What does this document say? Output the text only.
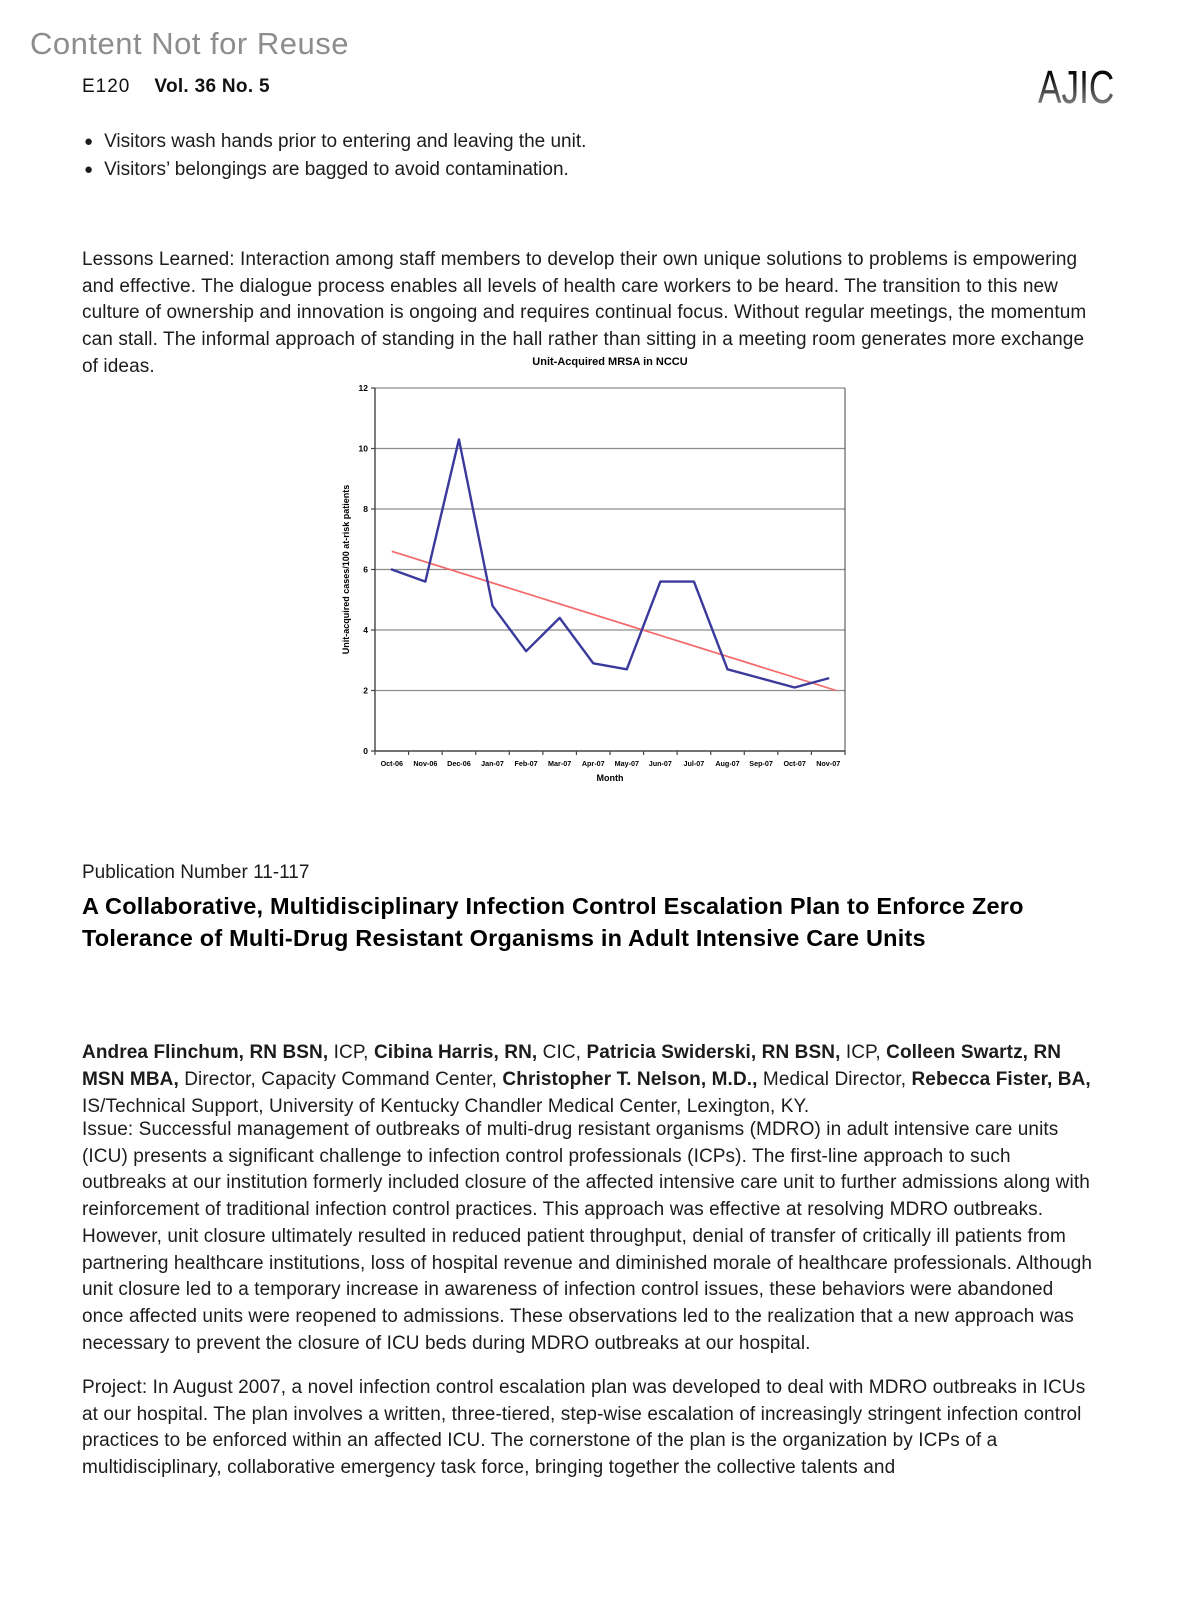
Content Not for Reuse
E120 Vol. 36 No. 5	AJIC
● Visitors wash hands prior to entering and leaving the unit.
● Visitors’ belongings are bagged to avoid contamination.

Lessons Learned: Interaction among staff members to develop their own unique solutions to problems is empowering and effective. The dialogue process enables all levels of health care workers to be heard. The transition to this new culture of ownership and innovation is ongoing and requires continual focus. Without regular meetings, the momentum can stall. The informal approach of standing in the hall rather than sitting in a meeting room generates more exchange of ideas.

0
2
4
6
8
10
12
Oct-06 Nov-06 Dec-06 Jan-07 Feb-07 Mar-07 Apr-07 May-07 Jun-07 Jul-07 Aug-07 Sep-07 Oct-07 Nov-07
Unit-Acquired MRSA in NCCU
Month
Unit-acquired cases/100 at-risk patients
Publication Number 11-117
A Collaborative, Multidisciplinary Infection Control Escalation Plan to Enforce Zero Tolerance of Multi-Drug Resistant Organisms in Adult Intensive Care Units

Andrea Flinchum, RN BSN, ICP, Cibina Harris, RN, CIC, Patricia Swiderski, RN BSN, ICP, Colleen Swartz, RN MSN MBA, Director, Capacity Command Center, Christopher T. Nelson, M.D., Medical Director, Rebecca Fister, BA, IS/Technical Support, University of Kentucky Chandler Medical Center, Lexington, KY.

Issue: Successful management of outbreaks of multi-drug resistant organisms (MDRO) in adult intensive care units (ICU) presents a significant challenge to infection control professionals (ICPs). The first-line approach to such outbreaks at our institution formerly included closure of the affected intensive care unit to further admissions along with reinforcement of traditional infection control practices. This approach was effective at resolving MDRO outbreaks. However, unit closure ultimately resulted in reduced patient throughput, denial of transfer of critically ill patients from partnering healthcare institutions, loss of hospital revenue and diminished morale of healthcare professionals. Although unit closure led to a temporary increase in awareness of infection control issues, these behaviors were abandoned once affected units were reopened to admissions. These observations led to the realization that a new approach was necessary to prevent the closure of ICU beds during MDRO outbreaks at our hospital.

Project: In August 2007, a novel infection control escalation plan was developed to deal with MDRO outbreaks in ICUs at our hospital. The plan involves a written, three-tiered, step-wise escalation of increasingly stringent infection control practices to be enforced within an affected ICU. The cornerstone of the plan is the organization by ICPs of a multidisciplinary, collaborative emergency task force, bringing together the collective talents and
